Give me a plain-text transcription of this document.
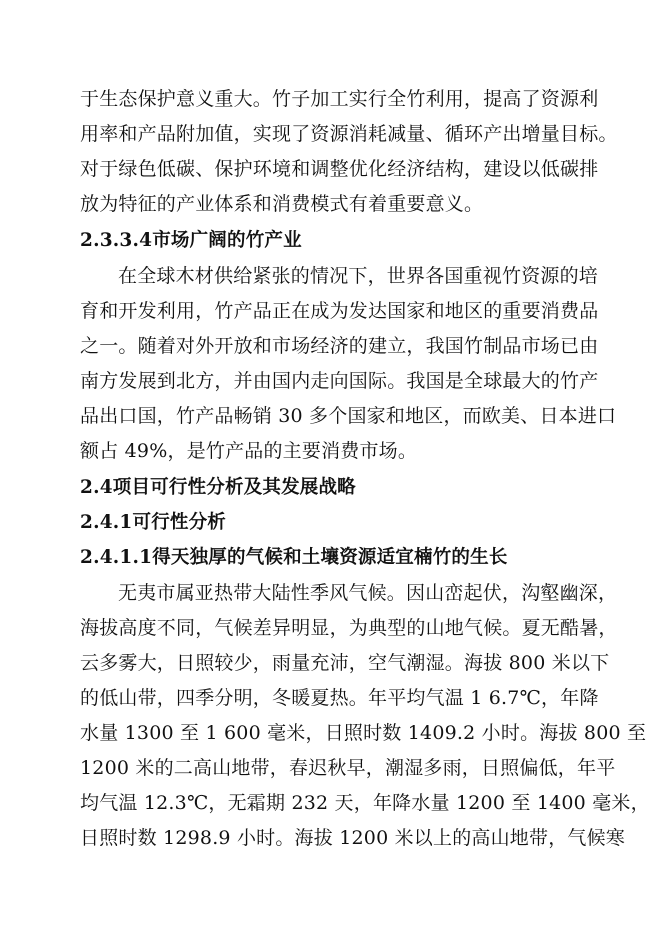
于生态保护意义重大。竹子加工实行全竹利用，提高了资源利
用率和产品附加值，实现了资源消耗减量、循环产出增量目标。
对于绿色低碳、保护环境和调整优化经济结构，建设以低碳排
放为特征的产业体系和消费模式有着重要意义。
2.3.3.4市场广阔的竹产业
在全球木材供给紧张的情况下，世界各国重视竹资源的培
育和开发利用，竹产品正在成为发达国家和地区的重要消费品
之一。随着对外开放和市场经济的建立，我国竹制品市场已由
南方发展到北方，并由国内走向国际。我国是全球最大的竹产
品出口国，竹产品畅销 30 多个国家和地区，而欧美、日本进口
额占 49%，是竹产品的主要消费市场。
2.4项目可行性分析及其发展战略
2.4.1可行性分析
2.4.1.1得天独厚的气候和土壤资源适宜楠竹的生长
无夷市属亚热带大陆性季风气候。因山峦起伏，沟壑幽深，
海拔高度不同，气候差异明显，为典型的山地气候。夏无酷暑，
云多雾大，日照较少，雨量充沛，空气潮湿。海拔 800 米以下
的低山带，四季分明，冬暖夏热。年平均气温 1 6.7℃，年降
水量 1300 至 1 600 毫米，日照时数 1409.2 小时。海拔 800 至
1200 米的二高山地带，春迟秋早，潮湿多雨，日照偏低，年平
均气温 12.3℃，无霜期 232 天，年降水量 1200 至 1400 毫米，
日照时数 1298.9 小时。海拔 1200 米以上的高山地带，气候寒
